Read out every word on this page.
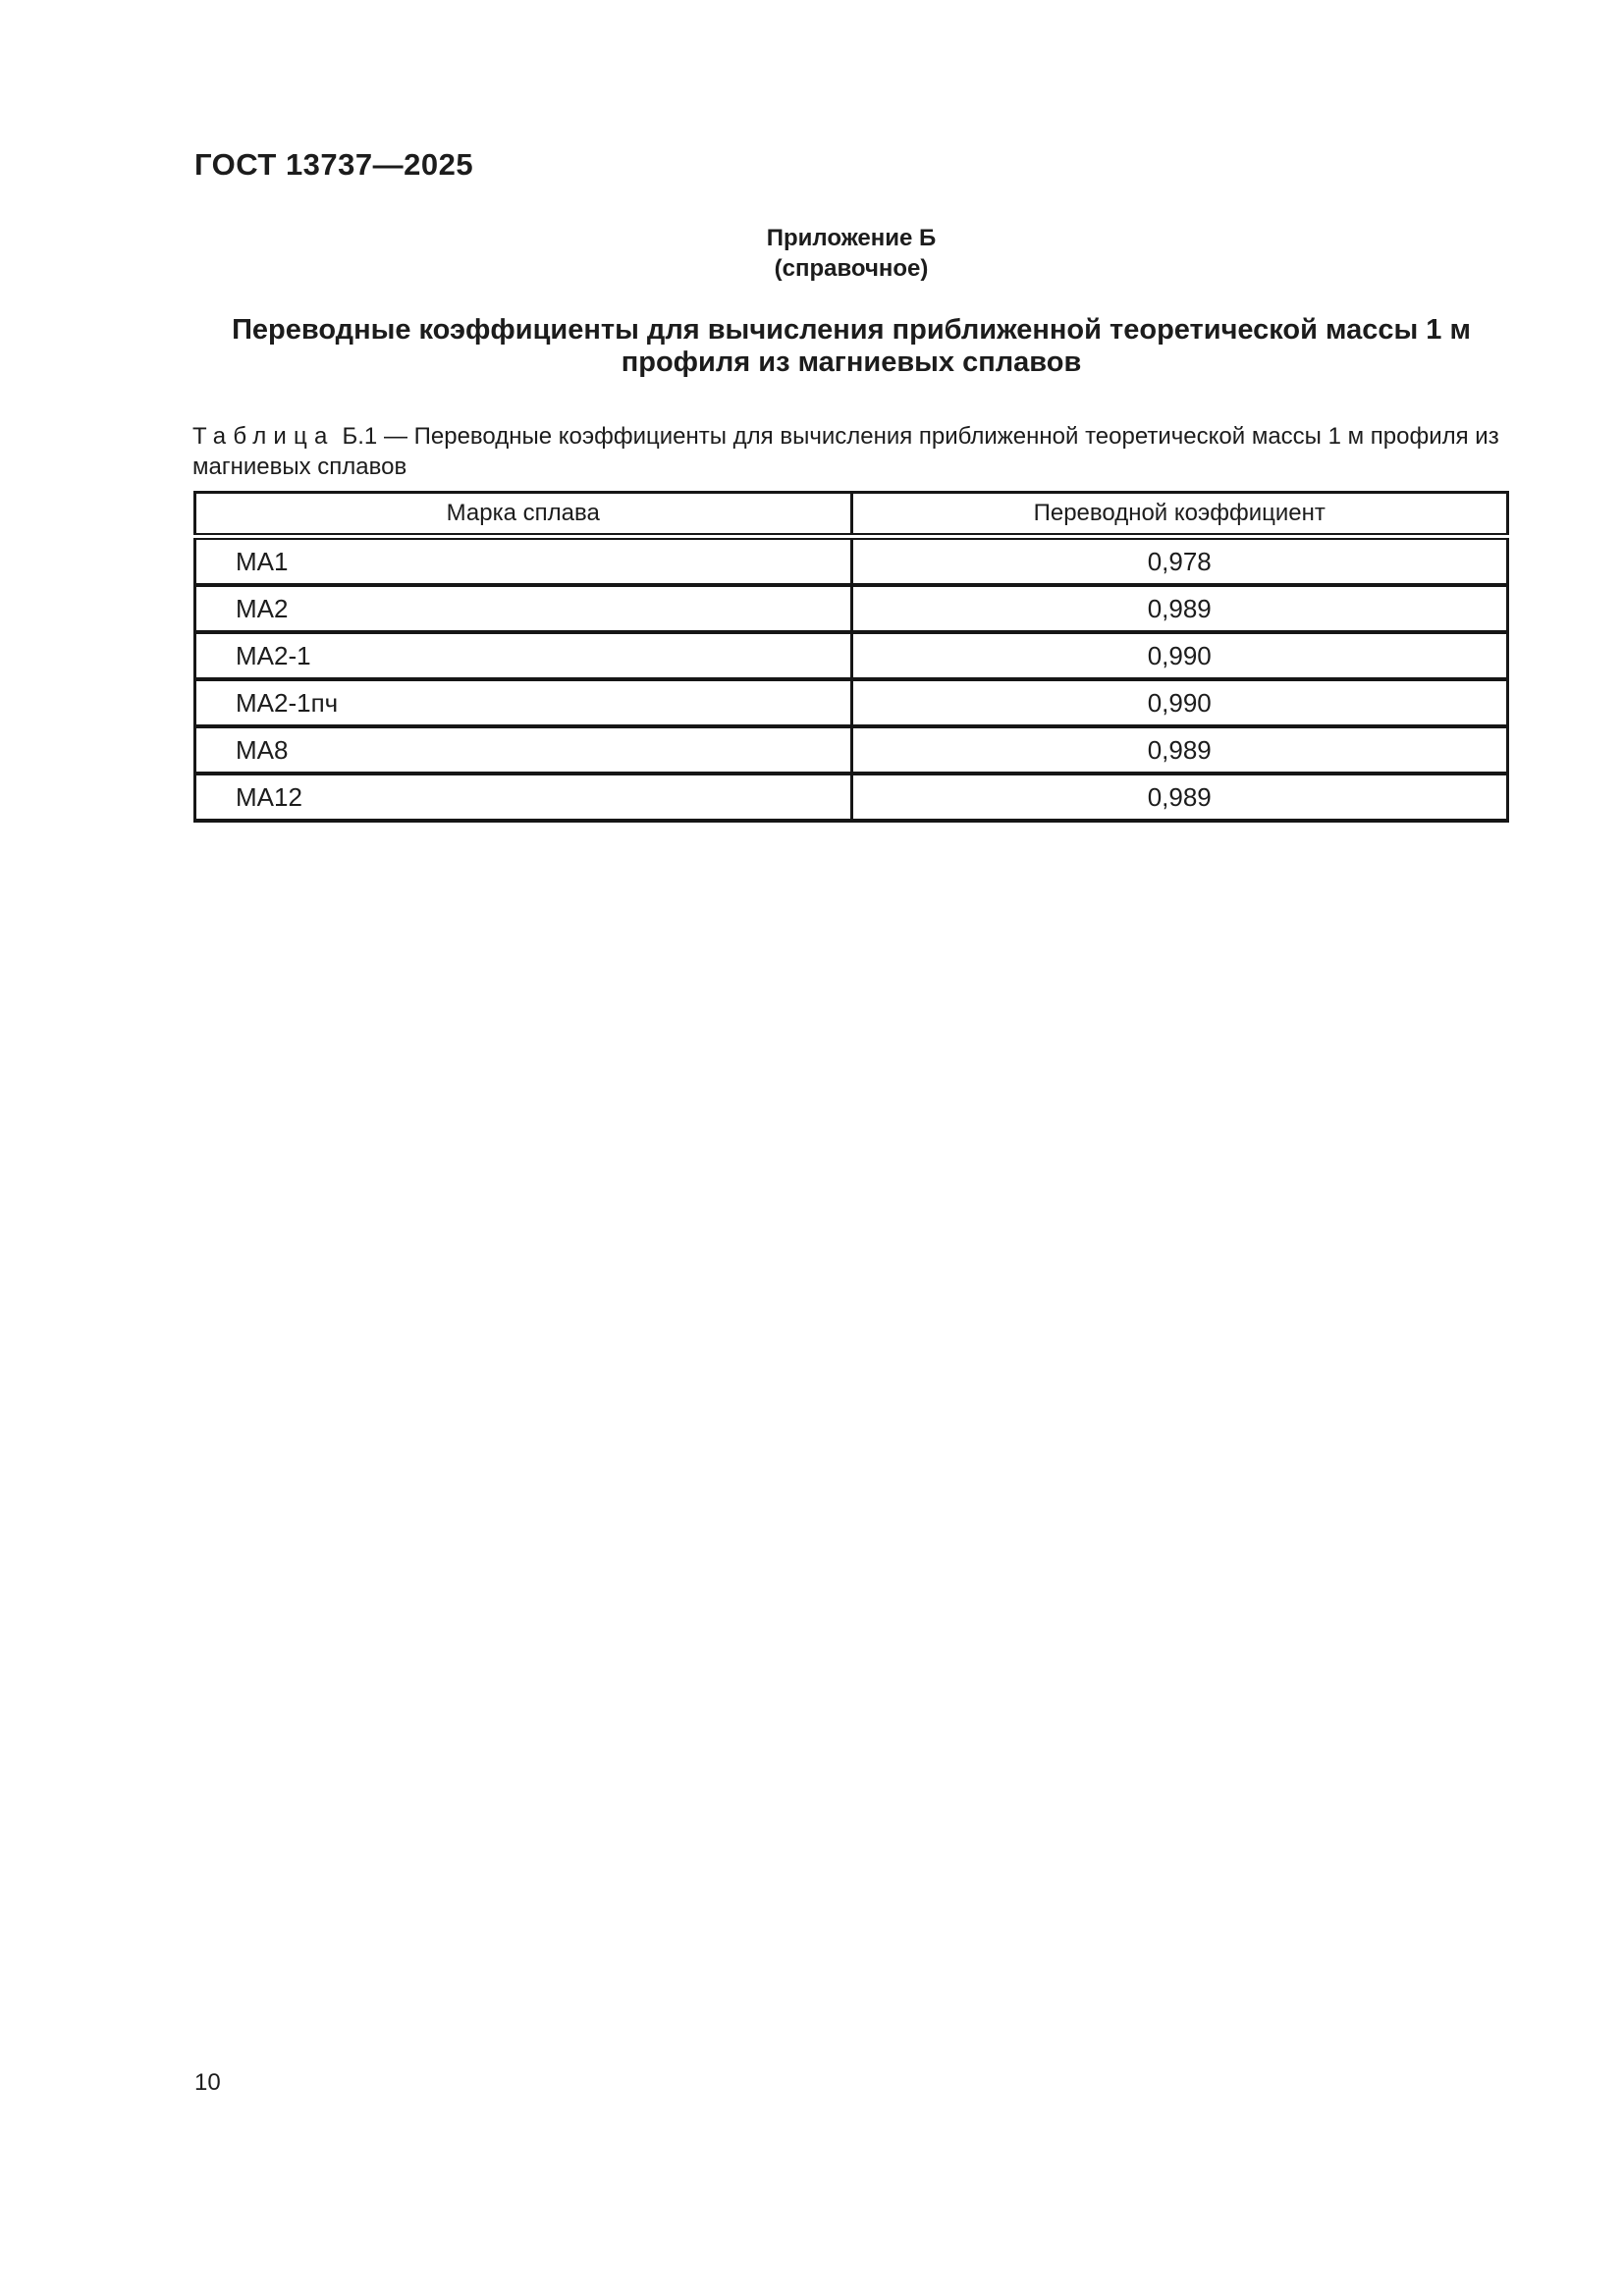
ГОСТ 13737—2025
Приложение Б
(справочное)
Переводные коэффициенты для вычисления приближенной теоретической массы 1 м
профиля из магниевых сплавов
Таблица Б.1 — Переводные коэффициенты для вычисления приближенной теоретической массы 1 м профиля из магниевых сплавов
Марка сплава	Переводной коэффициент
МА1	0,978
МА2	0,989
МА2-1	0,990
МА2-1пч	0,990
МА8	0,989
МА12	0,989
10
